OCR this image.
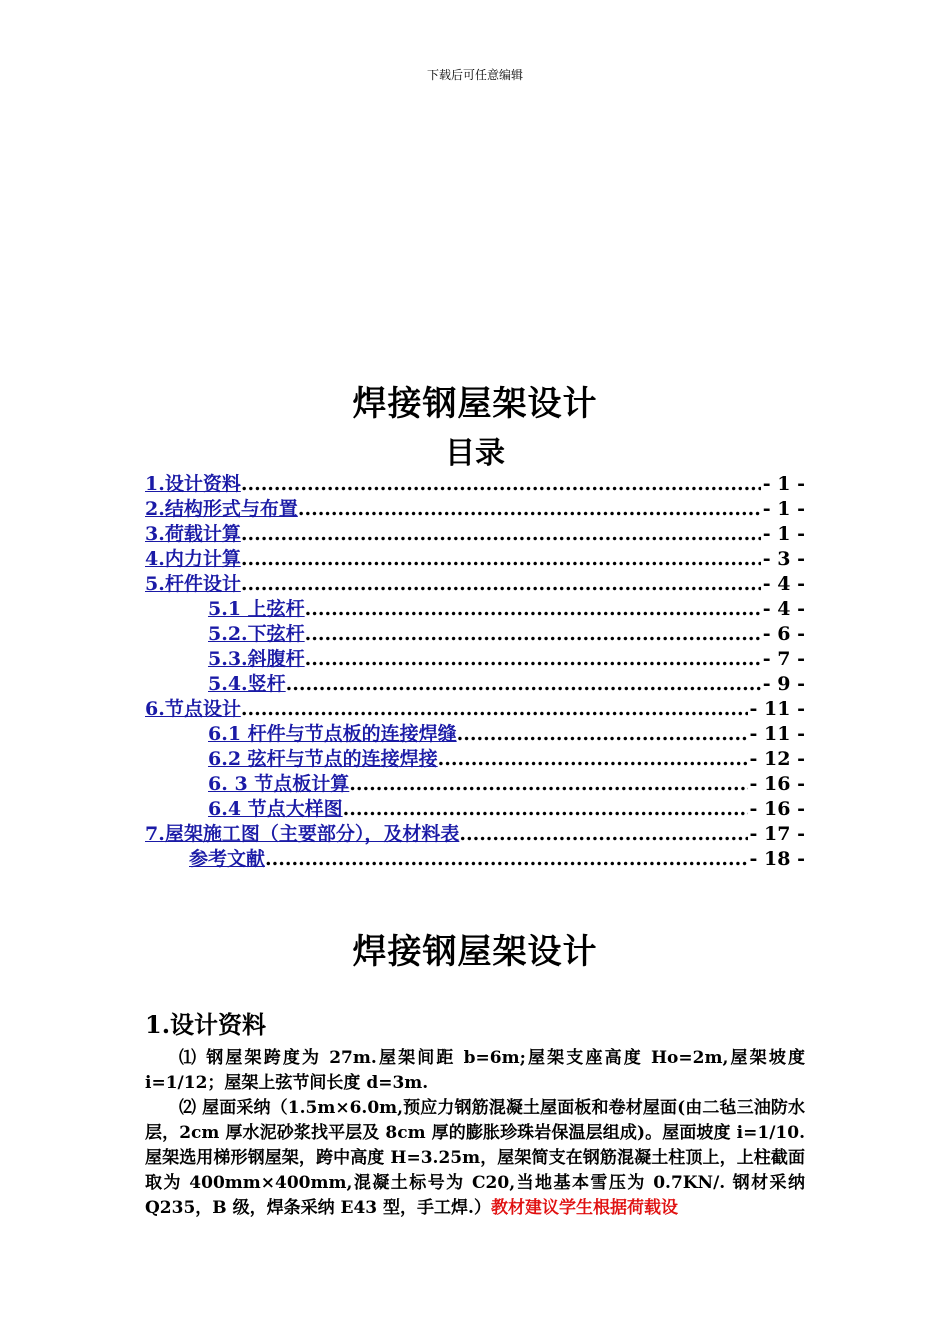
下载后可任意编辑
焊接钢屋架设计
目录
1.设计资料 .....	- 1 -
2.结构形式与布置 .....	- 1 -
3.荷载计算 .....	- 1 -
4.内力计算 .....	- 3 -
5.杆件设计 .....	- 4 -
5.1 上弦杆 .....	- 4 -
5.2.下弦杆 .....	- 6 -
5.3.斜腹杆 .....	- 7 -
5.4.竖杆 .....	- 9 -
6.节点设计 .....	- 11 -
6.1 杆件与节点板的连接焊缝 .....	- 11 -
6.2 弦杆与节点的连接焊接 .....	- 12 -
6. 3 节点板计算 .....	- 16 -
6.4 节点大样图 .....	- 16 -
7.屋架施工图（主要部分），及材料表 .....	- 17 -
参考文献 .....	- 18 -
焊接钢屋架设计
1.设计资料
⑴ 钢屋架跨度为 27m.屋架间距 b=6m;屋架支座高度 Ho=2m,屋架坡度 i=1/12；屋架上弦节间长度 d=3m.
⑵ 屋面采纳（1.5m×6.0m,预应力钢筋混凝土屋面板和卷材屋面(由二毡三油防水层，2cm 厚水泥砂浆找平层及 8cm 厚的膨胀珍珠岩保温层组成)。屋面坡度 i=1/10.屋架选用梯形钢屋架，跨中高度 H=3.25m，屋架简支在钢筋混凝土柱顶上，上柱截面取为 400mm×400mm,混凝土标号为 C20,当地基本雪压为 0.7KN/. 钢材采纳 Q235，B 级，焊条采纳 E43 型，手工焊.）教材建议学生根据荷载设
